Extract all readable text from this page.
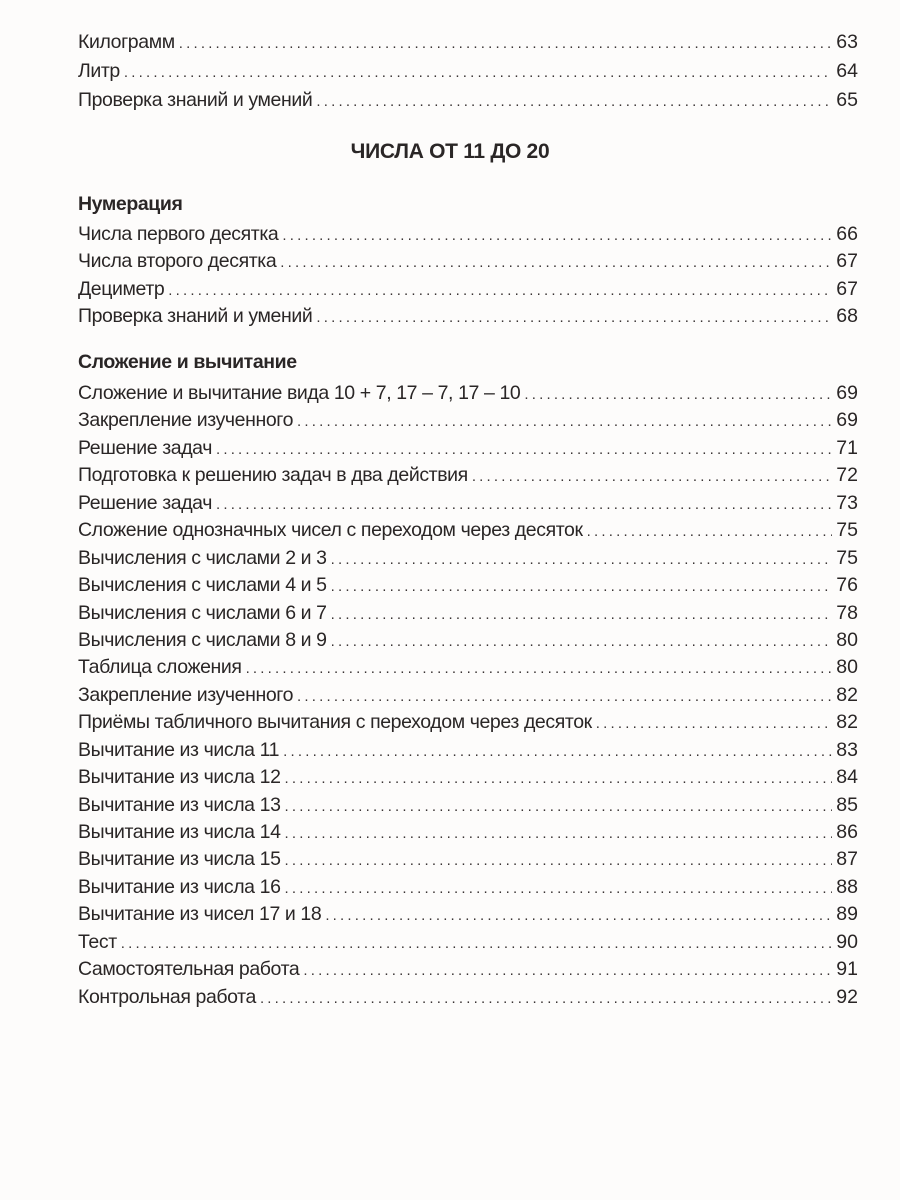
Килограмм .....	63
Литр .....	64
Проверка знаний и умений .....	65
ЧИСЛА ОТ 11 ДО 20
Нумерация
Числа первого десятка .....	66
Числа второго десятка .....	67
Дециметр .....	67
Проверка знаний и умений .....	68
Сложение и вычитание
Сложение и вычитание вида 10 + 7, 17 – 7, 17 – 10 .....	69
Закрепление изученного .....	69
Решение задач .....	71
Подготовка к решению задач в два действия .....	72
Решение задач .....	73
Сложение однозначных чисел с переходом через десяток .....	75
Вычисления с числами 2 и 3 .....	75
Вычисления с числами 4 и 5 .....	76
Вычисления с числами 6 и 7 .....	78
Вычисления с числами 8 и 9 .....	80
Таблица сложения .....	80
Закрепление изученного .....	82
Приёмы табличного вычитания с переходом через десяток .....	82
Вычитание из числа 11 .....	83
Вычитание из числа 12 .....	84
Вычитание из числа 13 .....	85
Вычитание из числа 14 .....	86
Вычитание из числа 15 .....	87
Вычитание из числа 16 .....	88
Вычитание из чисел 17 и 18 .....	89
Тест .....	90
Самостоятельная работа .....	91
Контрольная работа .....	92
